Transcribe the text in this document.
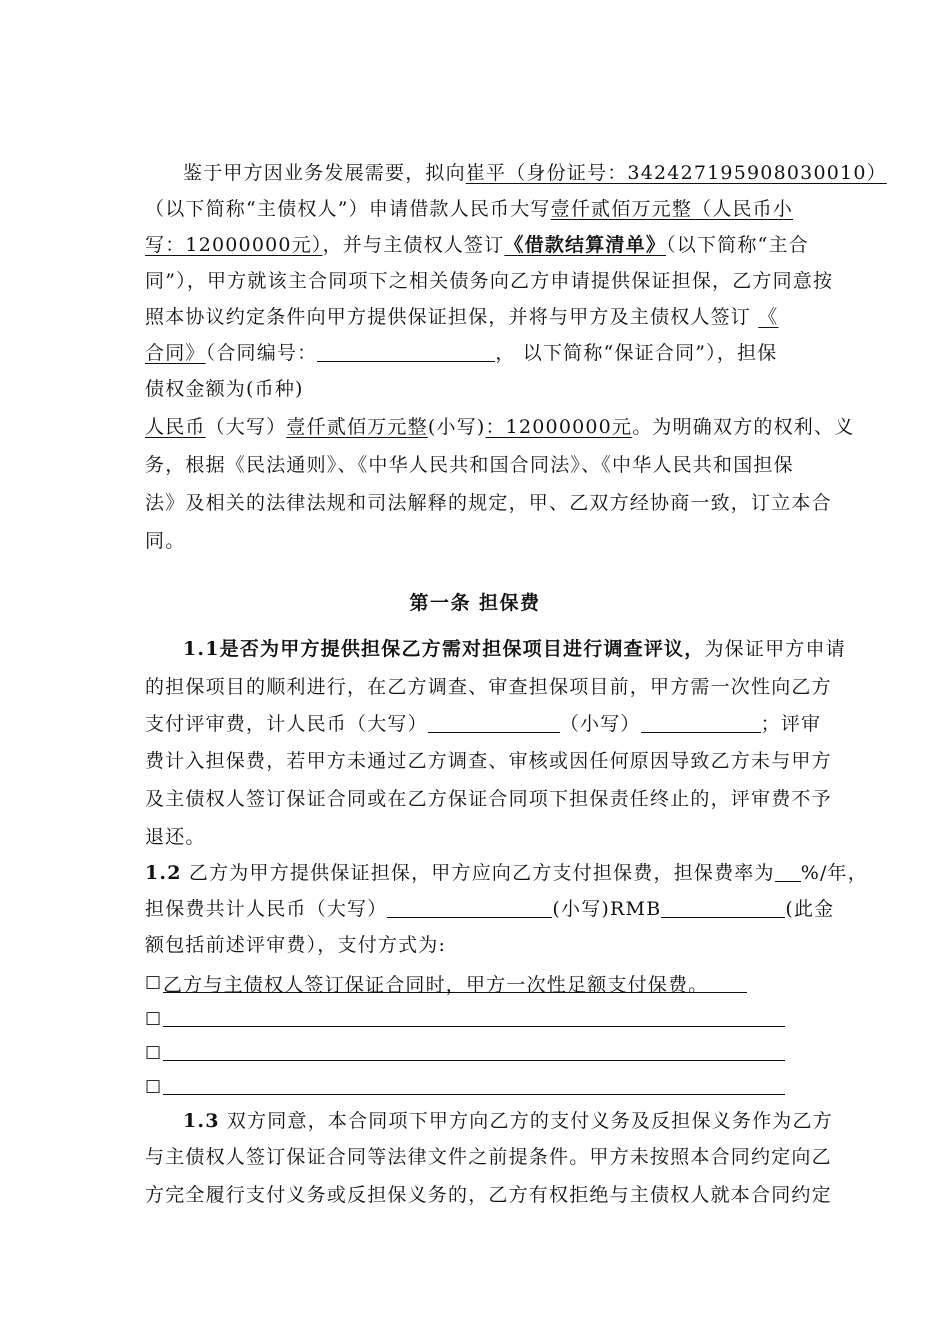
鉴于甲方因业务发展需要，拟向崔平（身份证号：342427195908030010）
（以下简称“主债权人”）申请借款人民币大写壹仟贰佰万元整（人民币小
写：12000000元），并与主债权人签订《借款结算清单》（以下简称“主合
同”），甲方就该主合同项下之相关债务向乙方申请提供保证担保，乙方同意按
照本协议约定条件向甲方提供保证担保，并将与甲方及主债权人签订 《
合同》（合同编号：	， 以下简称“保证合同”），担保
债权金额为(币种)
人民币（大写）壹仟贰佰万元整(小写)：12000000元。为明确双方的权利、义
务，根据《民法通则》、《中华人民共和国合同法》、《中华人民共和国担保
法》及相关的法律法规和司法解释的规定，甲、乙双方经协商一致，订立本合
同。
第一条 担保费
1.1是否为甲方提供担保乙方需对担保项目进行调查评议，为保证甲方申请
的担保项目的顺利进行，在乙方调查、审查担保项目前，甲方需一次性向乙方
支付评审费，计人民币（大写）	（小写）	；评审
费计入担保费，若甲方未通过乙方调查、审核或因任何原因导致乙方未与甲方
及主债权人签订保证合同或在乙方保证合同项下担保责任终止的，评审费不予
退还。
1.2 乙方为甲方提供保证担保，甲方应向乙方支付担保费，担保费率为 %/年，
担保费共计人民币（大写）	(小写)RMB	(此金
额包括前述评审费），支付方式为:
□乙方与主债权人签订保证合同时，甲方一次性足额支付保费。
□
□
□
1.3 双方同意，本合同项下甲方向乙方的支付义务及反担保义务作为乙方
与主债权人签订保证合同等法律文件之前提条件。甲方未按照本合同约定向乙
方完全履行支付义务或反担保义务的，乙方有权拒绝与主债权人就本合同约定
